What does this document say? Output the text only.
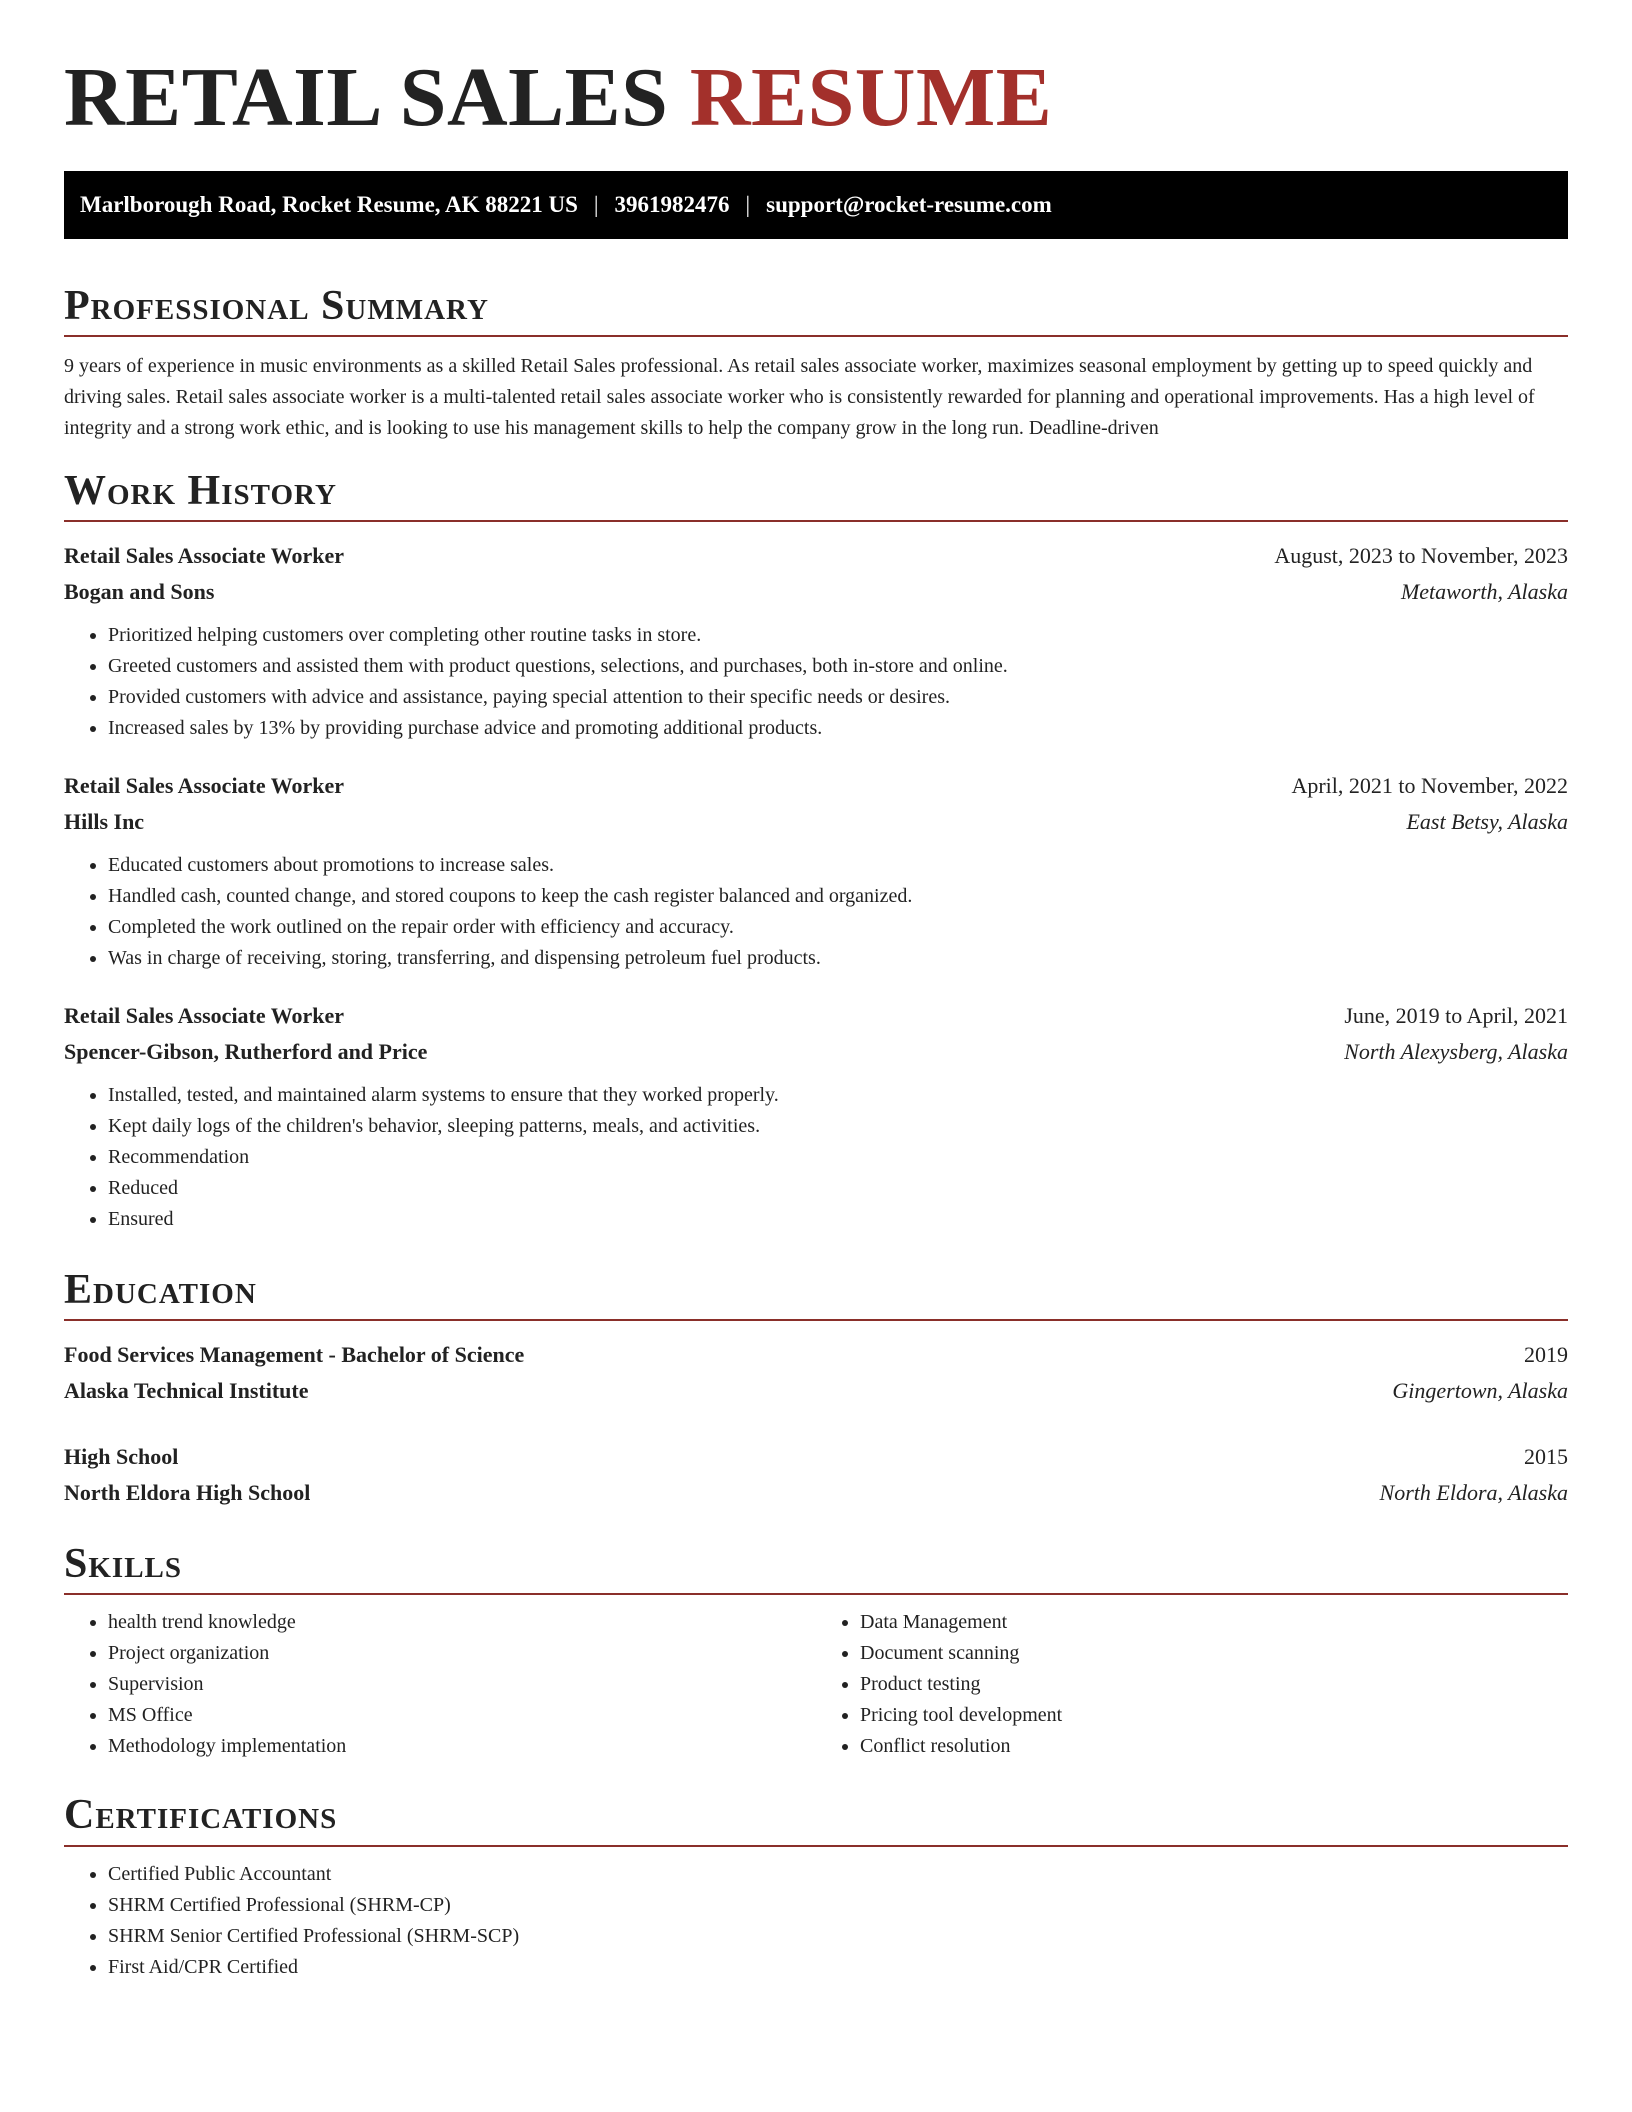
RETAIL SALES RESUME
Marlborough Road, Rocket Resume, AK 88221 US | 3961982476 | support@rocket-resume.com
Professional Summary

9 years of experience in music environments as a skilled Retail Sales professional. As retail sales associate worker, maximizes seasonal employment by getting up to speed quickly and driving sales. Retail sales associate worker is a multi-talented retail sales associate worker who is consistently rewarded for planning and operational improvements. Has a high level of integrity and a strong work ethic, and is looking to use his management skills to help the company grow in the long run. Deadline-driven

Work History
Retail Sales Associate Worker	August, 2023 to November, 2023
Bogan and Sons	Metaworth, Alaska
• Prioritized helping customers over completing other routine tasks in store.
• Greeted customers and assisted them with product questions, selections, and purchases, both in-store and online.
• Provided customers with advice and assistance, paying special attention to their specific needs or desires.
• Increased sales by 13% by providing purchase advice and promoting additional products.
Retail Sales Associate Worker	April, 2021 to November, 2022
Hills Inc	East Betsy, Alaska
• Educated customers about promotions to increase sales.
• Handled cash, counted change, and stored coupons to keep the cash register balanced and organized.
• Completed the work outlined on the repair order with efficiency and accuracy.
• Was in charge of receiving, storing, transferring, and dispensing petroleum fuel products.
Retail Sales Associate Worker	June, 2019 to April, 2021
Spencer-Gibson, Rutherford and Price	North Alexysberg, Alaska
• Installed, tested, and maintained alarm systems to ensure that they worked properly.
• Kept daily logs of the children's behavior, sleeping patterns, meals, and activities.
• Recommendation
• Reduced
• Ensured
Education
Food Services Management - Bachelor of Science	2019
Alaska Technical Institute	Gingertown, Alaska
High School	2015
North Eldora High School	North Eldora, Alaska
Skills
• health trend knowledge
• Project organization
• Supervision
• MS Office
• Methodology implementation
• Data Management
• Document scanning
• Product testing
• Pricing tool development
• Conflict resolution
Certifications
• Certified Public Accountant
• SHRM Certified Professional (SHRM-CP)
• SHRM Senior Certified Professional (SHRM-SCP)
• First Aid/CPR Certified
